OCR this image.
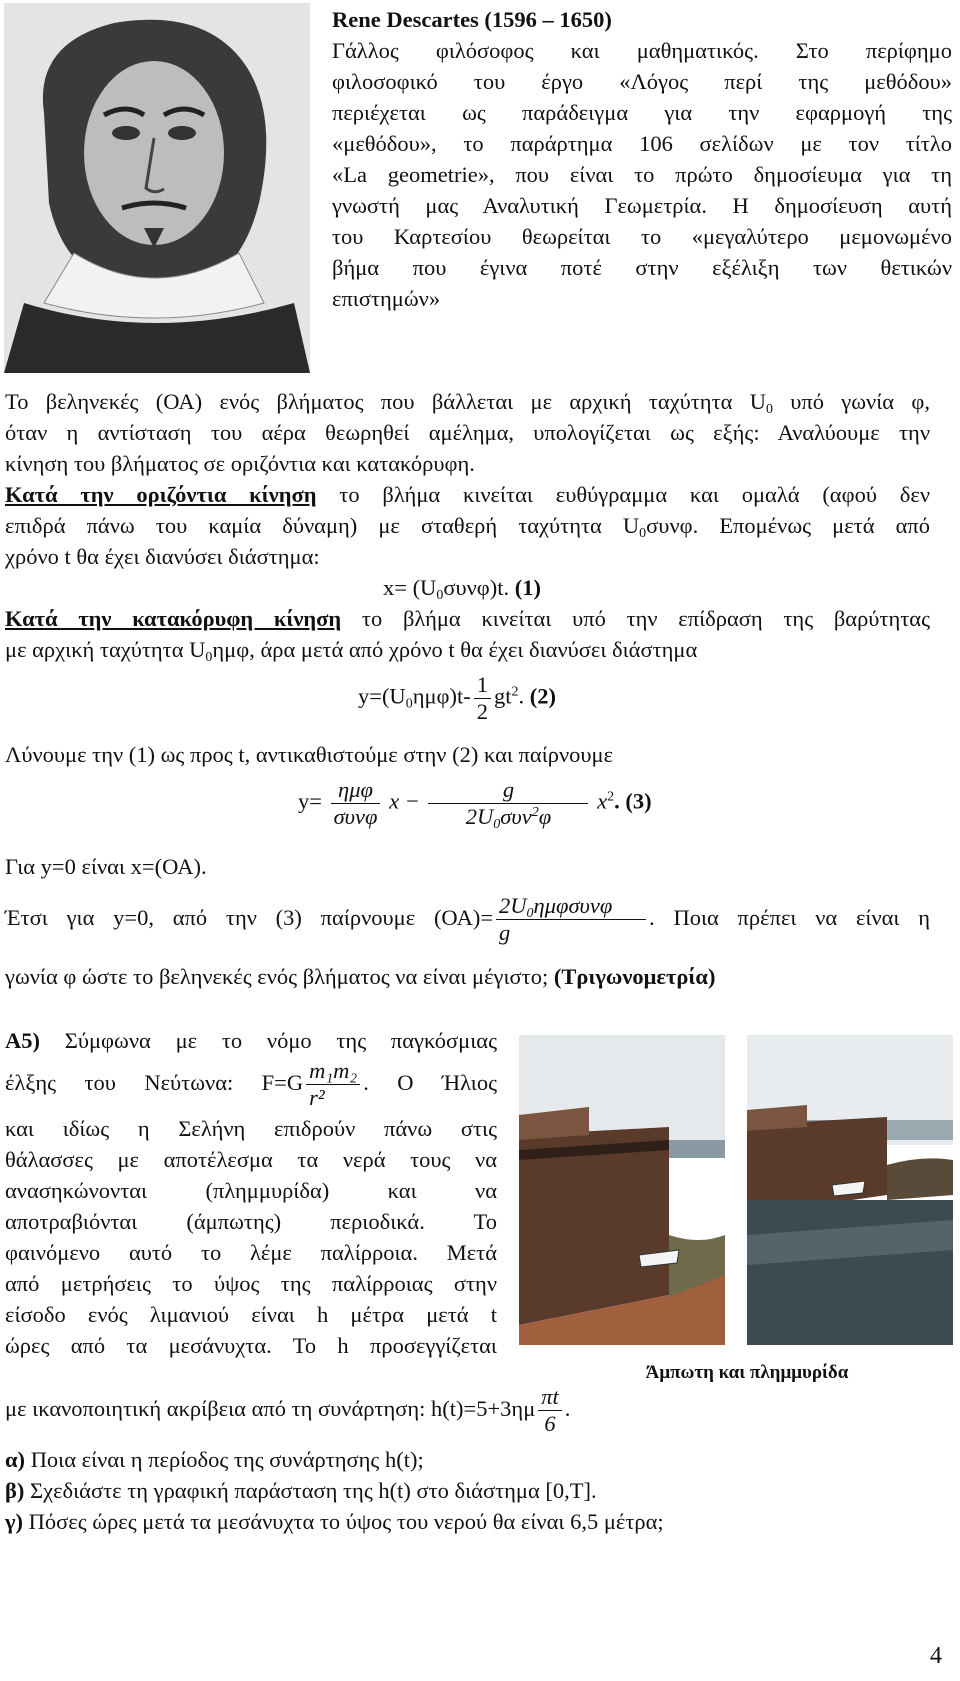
Rene Descartes (1596 – 1650)

Γάλλος φιλόσοφος και μαθηματικός. Στο περίφημο

φιλοσοφικό του έργο «Λόγος περί της μεθόδου»

περιέχεται ως παράδειγμα για την εφαρμογή της

«μεθόδου», το παράρτημα 106 σελίδων με τον τίτλο

«La geometrie», που είναι το πρώτο δημοσίευμα για τη

γνωστή μας Αναλυτική Γεωμετρία. Η δημοσίευση αυτή

του Καρτεσίου θεωρείται το «μεγαλύτερο μεμονωμένο

βήμα που έγινα ποτέ στην εξέλιξη των θετικών

επιστημών»

Το βεληνεκές (ΟΑ) ενός βλήματος που βάλλεται με αρχική ταχύτητα $U_0$ υπό γωνία φ,

όταν η αντίσταση του αέρα θεωρηθεί αμέλημα, υπολογίζεται ως εξής: Αναλύουμε την

κίνηση του βλήματος σε οριζόντια και κατακόρυφη.

Κατά την οριζόντια κίνηση το βλήμα κινείται ευθύγραμμα και ομαλά (αφού δεν

επιδρά πάνω του καμία δύναμη) με σταθερή ταχύτητα $U_0\sigma\upsilon\nu\varphi$. Επομένως μετά από

χρόνο t θα έχει διανύσει διάστημα:

$x= (U_0\sigma\upsilon\nu\varphi)t$. (1)

Κατά την κατακόρυφη κίνηση το βλήμα κινείται υπό την επίδραση της βαρύτητας

με αρχική ταχύτητα $U_0\eta\mu\varphi$, άρα μετά από χρόνο t θα έχει διανύσει διάστημα

$y=(U_0\eta\mu\varphi)t- \frac{1}{2} gt^2$. (2)

Λύνουμε την (1) ως προς t, αντικαθιστούμε στην (2) και παίρνουμε

$y= \frac{\text{ημφ}}{\text{συνφ}}$ $x - \frac{g}{2U_0\sigma\upsilon\nu^2\varphi} x^2$. (3)

Για y=0 είναι x=(ΟΑ).

Έτσι για y=0, από την (3) παίρνουμε $(OA)= \frac{2U_0\eta\mu\varphi\sigma\upsilon\nu\varphi}{g}$ . Ποια πρέπει να είναι η

γωνία φ ώστε το βεληνεκές ενός βλήματος να είναι μέγιστο; (Τριγωνομετρία)

Α5) Σύμφωνα με το νόμο της παγκόσμιας

έλξης του Νεύτωνα: $F=G \frac{\text{m₁m₂}}{\text{r²}}$ . Ο Ήλιος

και ιδίως η Σελήνη επιδρούν πάνω στις

θάλασσες με αποτέλεσμα τα νερά τους να

ανασηκώνονται (πλημμυρίδα) και να

αποτραβιόνται (άμπωτης) περιοδικά. Το

φαινόμενο αυτό το λέμε παλίρροια. Μετά

από μετρήσεις το ύψος της παλίρροιας στην

είσοδο ενός λιμανιού είναι h μέτρα μετά t

ώρες από τα μεσάνυχτα. Το h προσεγγίζεται

Άμπωτη και πλημμυρίδα

με ικανοποιητική ακρίβεια από τη συνάρτηση: $h(t)=5+3\eta\mu \frac{\pi t}{6}$ .

α) Ποια είναι η περίοδος της συνάρτησης h(t);

β) Σχεδιάστε τη γραφική παράσταση της h(t) στο διάστημα [0,T].

γ) Πόσες ώρες μετά τα μεσάνυχτα το ύψος του νερού θα είναι 6,5 μέτρα;

4
